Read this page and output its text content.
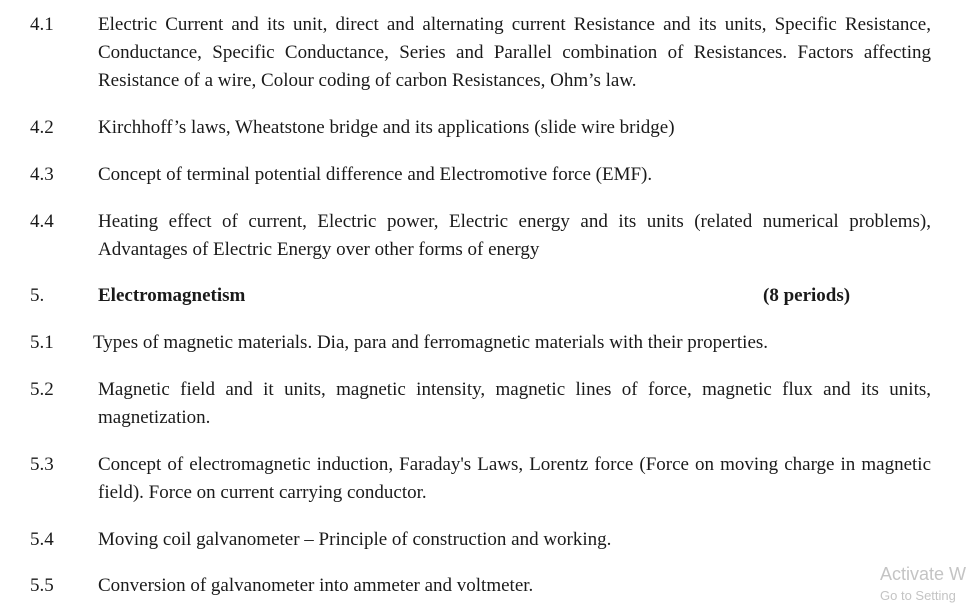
4.1 Electric Current and its unit, direct and alternating current Resistance and its units, Specific Resistance, Conductance, Specific Conductance, Series and Parallel combination of Resistances. Factors affecting Resistance of a wire, Colour coding of carbon Resistances, Ohm’s law.
4.2 Kirchhoff’s laws, Wheatstone bridge and its applications (slide wire bridge)
4.3 Concept of terminal potential difference and Electromotive force (EMF).
4.4 Heating effect of current, Electric power, Electric energy and its units (related numerical problems), Advantages of Electric Energy over other forms of energy
5.	Electromagnetism	(8 periods)
5.1 Types of magnetic materials. Dia, para and ferromagnetic materials with their properties.
5.2 Magnetic field and it units, magnetic intensity, magnetic lines of force, magnetic flux and its units, magnetization.
5.3 Concept of electromagnetic induction, Faraday's Laws, Lorentz force (Force on moving charge in magnetic field). Force on current carrying conductor.
5.4 Moving coil galvanometer – Principle of construction and working.
5.5 Conversion of galvanometer into ammeter and voltmeter.
Activate W
Go to Setting
